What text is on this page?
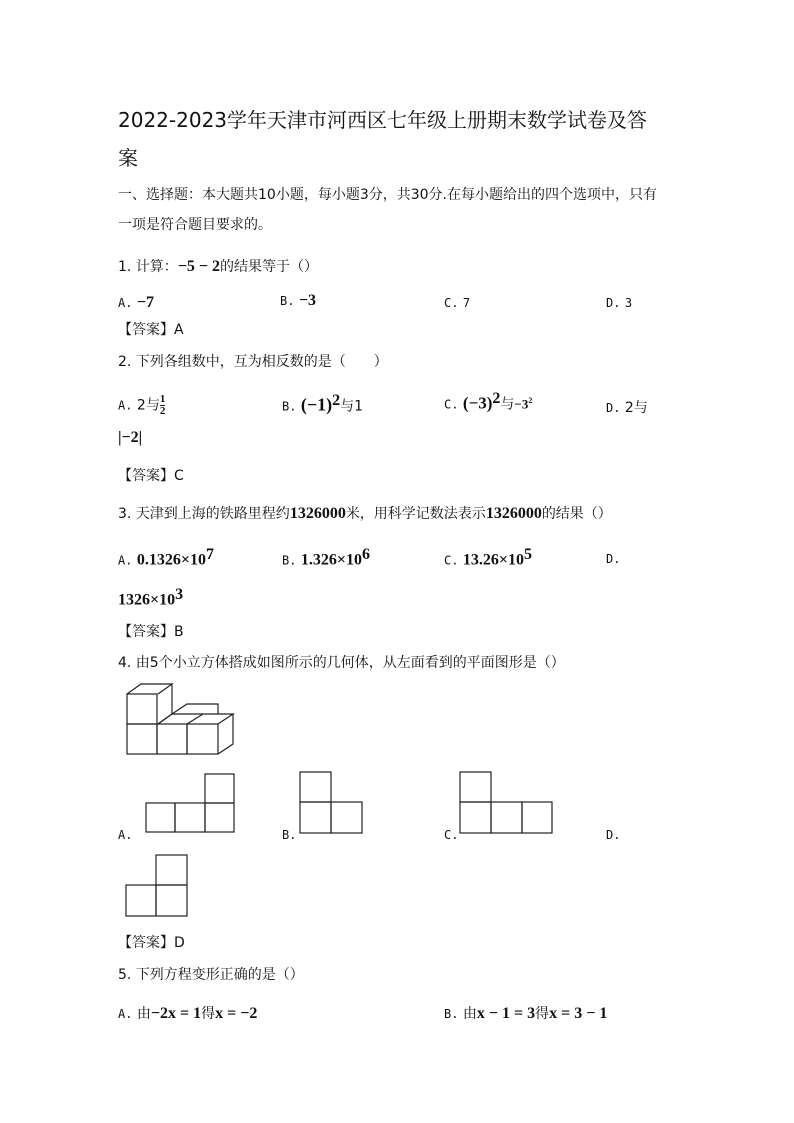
2022-2023学年天津市河西区七年级上册期末数学试卷及答
案
一、选择题：本大题共10小题，每小题3分，共30分.在每小题给出的四个选项中，只有
一项是符合题目要求的。
1. 计算：−5 − 2的结果等于（）
A. −7	B. −3	C. 7	D. 3
【答案】A
2. 下列各组数中，互为相反数的是（　　）
A. 2与 $\frac{1}{2}$	B. $(-1)^2$与1	C. $(-3)^2$与$-3^2$
D. 2与
|−2|
【答案】C
3. 天津到上海的铁路里程约1326000米，用科学记数法表示1326000的结果（）
A. $0.1326\times 10^7$	B. $1.326\times 10^6$	C. $13.26\times 10^5$	D.
$1326\times 10^3$
【答案】B
4. 由5个小立方体搭成如图所示的几何体，从左面看到的平面图形是（）
A.	B.	C.	D.
【答案】D
5. 下列方程变形正确的是（）
A. 由−2x = 1得x = −2	B. 由x − 1 = 3得x = 3 − 1
